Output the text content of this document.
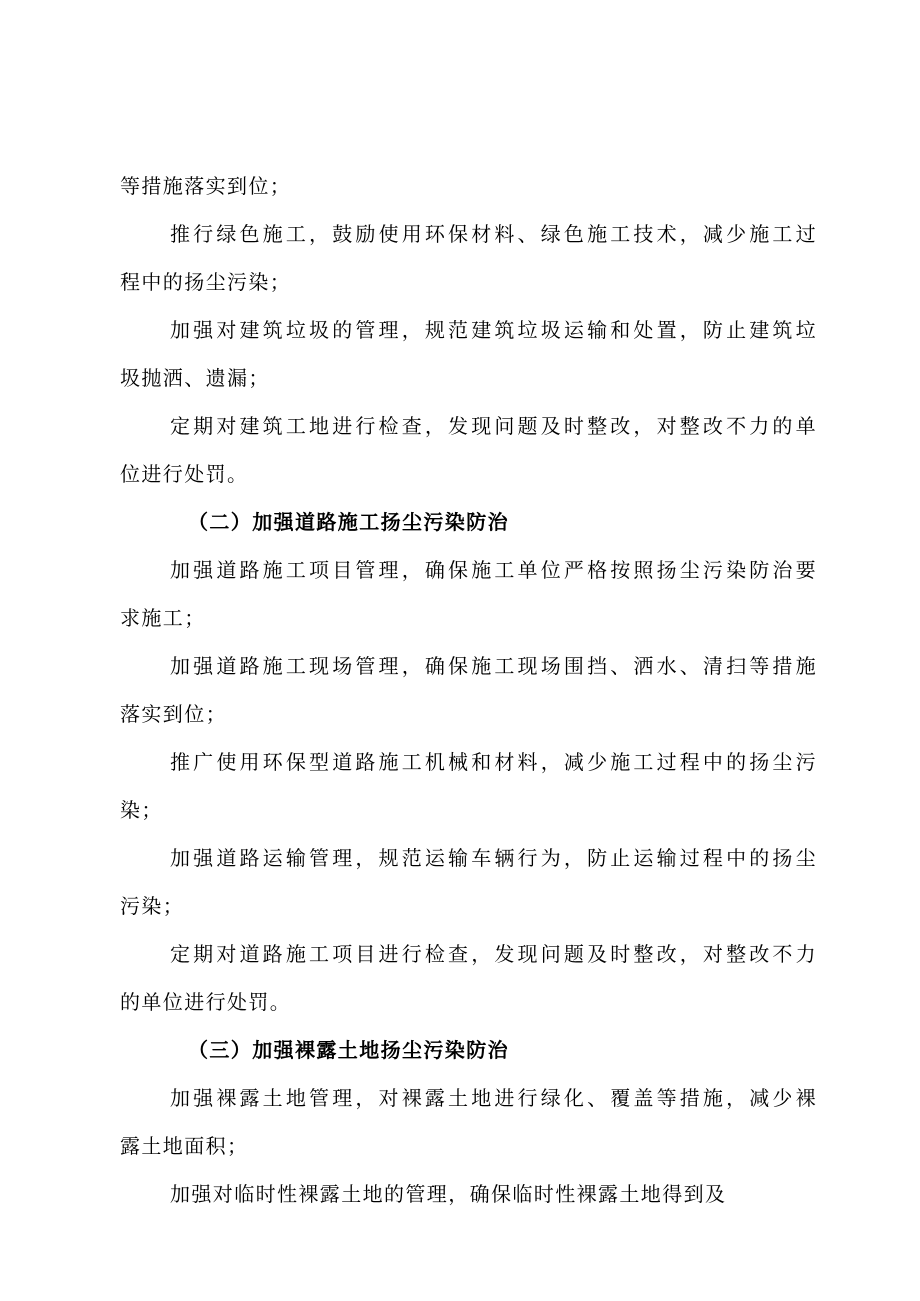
等措施落实到位；
推行绿色施工，鼓励使用环保材料、绿色施工技术，减少施工过
程中的扬尘污染；
加强对建筑垃圾的管理，规范建筑垃圾运输和处置，防止建筑垃
圾抛洒、遗漏；
定期对建筑工地进行检查，发现问题及时整改，对整改不力的单
位进行处罚。
（二）加强道路施工扬尘污染防治
加强道路施工项目管理，确保施工单位严格按照扬尘污染防治要
求施工；
加强道路施工现场管理，确保施工现场围挡、洒水、清扫等措施
落实到位；
推广使用环保型道路施工机械和材料，减少施工过程中的扬尘污
染；
加强道路运输管理，规范运输车辆行为，防止运输过程中的扬尘
污染；
定期对道路施工项目进行检查，发现问题及时整改，对整改不力
的单位进行处罚。
（三）加强裸露土地扬尘污染防治
加强裸露土地管理，对裸露土地进行绿化、覆盖等措施，减少裸
露土地面积；
加强对临时性裸露土地的管理，确保临时性裸露土地得到及
